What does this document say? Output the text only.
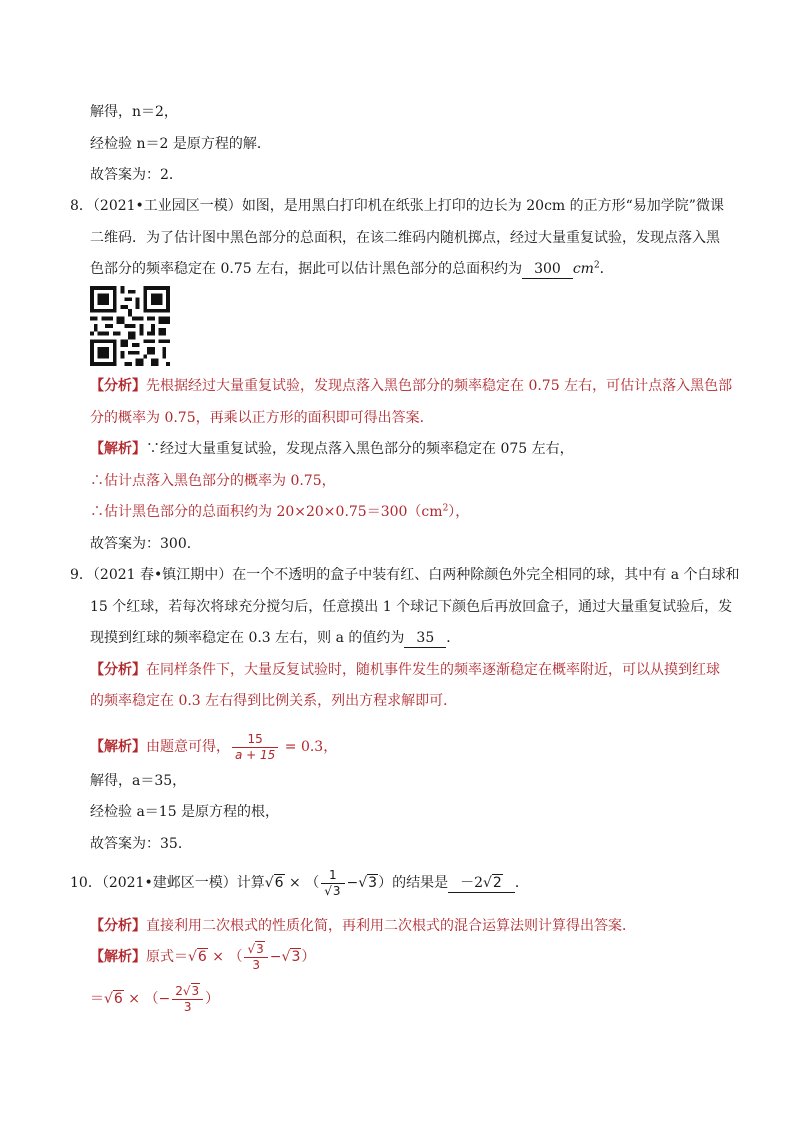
解得，n＝2，
经检验 n＝2 是原方程的解．
故答案为：2．
8．（2021•工业园区一模）如图，是用黑白打印机在纸张上打印的边长为 20cm 的正方形“易加学院”微课
二维码．为了估计图中黑色部分的总面积，在该二维码内随机掷点，经过大量重复试验，发现点落入黑
色部分的频率稳定在 0.75 左右，据此可以估计黑色部分的总面积约为 300 $cm^2$．
【分析】先根据经过大量重复试验，发现点落入黑色部分的频率稳定在 0.75 左右，可估计点落入黑色部
分的概率为 0.75，再乘以正方形的面积即可得出答案．
【解析】∵经过大量重复试验，发现点落入黑色部分的频率稳定在 075 左右，
∴估计点落入黑色部分的概率为 0.75，
∴估计黑色部分的总面积约为 $20\times 20\times 0.75=300(cm^2)$，
故答案为：300．
9．（2021 春•镇江期中）在一个不透明的盒子中装有红、白两种除颜色外完全相同的球，其中有 a 个白球和
15 个红球，若每次将球充分搅匀后，任意摸出 1 个球记下颜色后再放回盒子，通过大量重复试验后，发
现摸到红球的频率稳定在 0.3 左右，则 a 的值约为 35 ．
【分析】在同样条件下，大量反复试验时，随机事件发生的频率逐渐稳定在概率附近，可以从摸到红球
的频率稳定在 0.3 左右得到比例关系，列出方程求解即可．
【解析】由题意可得， $\frac{15}{a + 15} = 0.3$，
解得，a＝35，
经检验 a＝15 是原方程的根，
故答案为：35．
10．（2021•建邺区一模）计算√6 × （ $\frac{1}{√3} -√3$）的结果是 －2√2 ．
【分析】直接利用二次根式的性质化简，再利用二次根式的混合运算法则计算得出答案．
【解析】原式＝√6 × （ $\frac{√3}{3} -√3$）
＝√6 × （− $\frac{2√3}{3}$ ）
